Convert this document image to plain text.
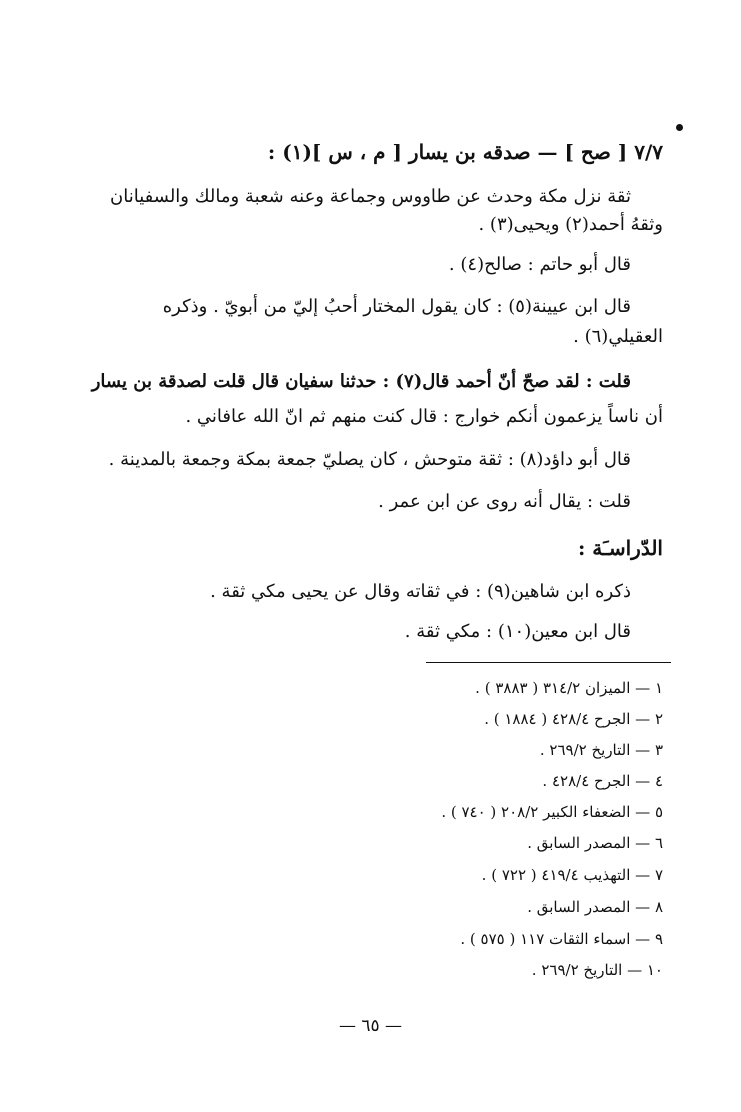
٧/٧ [ صح ] — صدقه بن يسار [ م ، س ](١) :
ثقة نزل مكة وحدث عن طاووس وجماعة وعنه شعبة ومالك والسفيانان
وثقهُ أحمد(٢) ويحيى(٣) .
قال أبو حاتم : صالح(٤) .
قال ابن عيينة(٥) : كان يقول المختار أحبُ إليّ من أبويّ . وذكره
العقيلي(٦) .
قلت : لقد صحّ أنّ أحمد قال(٧) : حدثنا سفيان قال قلت لصدقة بن يسار
أن ناساً يزعمون أنكم خوارج : قال كنت منهم ثم انّ الله عافاني .
قال أبو داؤد(٨) : ثقة متوحش ، كان يصليّ جمعة بمكة وجمعة بالمدينة .
قلت : يقال أنه روى عن ابن عمر .
الدّراسـَة :
ذكره ابن شاهين(٩) : في ثقاته وقال عن يحيى مكي ثقة .
قال ابن معين(١٠) : مكي ثقة .
١ — الميزان ٣١٤/٢ ( ٣٨٨٣ ) .
٢ — الجرح ٤٢٨/٤ ( ١٨٨٤ ) .
٣ — التاريخ ٢٦٩/٢ .
٤ — الجرح ٤٢٨/٤ .
٥ — الضعفاء الكبير ٢٠٨/٢ ( ٧٤٠ ) .
٦ — المصدر السابق .
٧ — التهذيب ٤١٩/٤ ( ٧٢٢ ) .
٨ — المصدر السابق .
٩ — اسماء الثقات ١١٧ ( ٥٧٥ ) .
١٠ — التاريخ ٢٦٩/٢ .
— ٦٥ —
